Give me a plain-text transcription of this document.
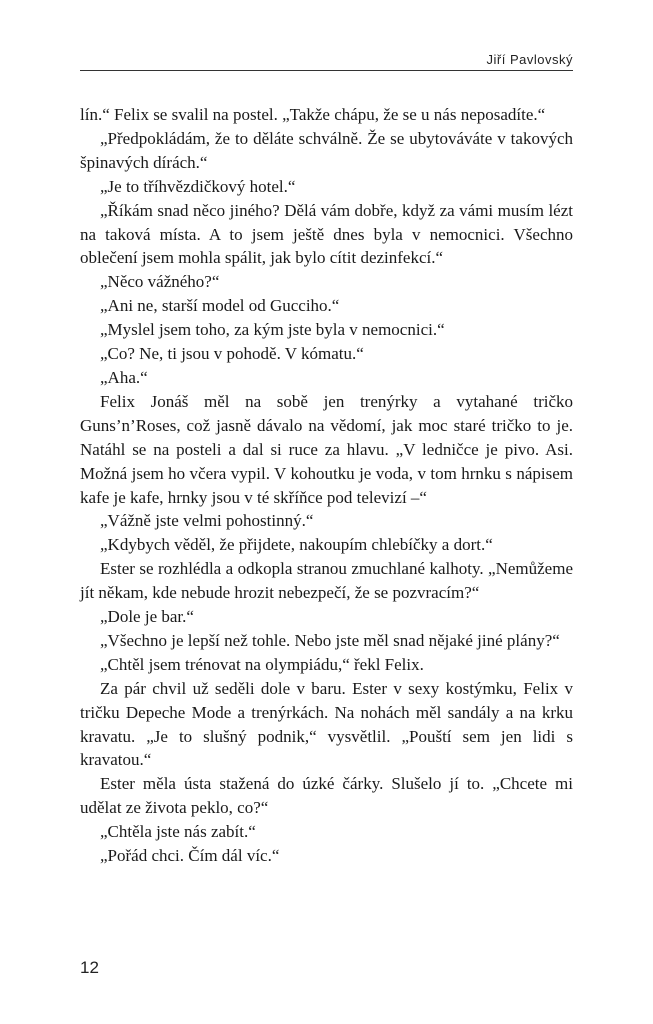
Jiří Pavlovský

lín.“ Felix se svalil na postel. „Takže chápu, že se u nás neposadíte.“

„Předpokládám, že to děláte schválně. Že se ubytováváte v takových špinavých dírách.“

„Je to tříhvězdičkový hotel.“

„Říkám snad něco jiného? Dělá vám dobře, když za vámi musím lézt na taková místa. A to jsem ještě dnes byla v nemocnici. Všechno oblečení jsem mohla spálit, jak bylo cítit dezinfekcí.“

„Něco vážného?“

„Ani ne, starší model od Gucciho.“

„Myslel jsem toho, za kým jste byla v nemocnici.“

„Co? Ne, ti jsou v pohodě. V kómatu.“

„Aha.“

Felix Jonáš měl na sobě jen trenýrky a vytahané tričko Guns’n’Roses, což jasně dávalo na vědomí, jak moc staré tričko to je. Natáhl se na posteli a dal si ruce za hlavu. „V ledničce je pivo. Asi. Možná jsem ho včera vypil. V kohoutku je voda, v tom hrnku s nápisem kafe je kafe, hrnky jsou v té skříňce pod televizí –“

„Vážně jste velmi pohostinný.“

„Kdybych věděl, že přijdete, nakoupím chlebíčky a dort.“

Ester se rozhlédla a odkopla stranou zmuchlané kalhoty. „Nemůžeme jít někam, kde nebude hrozit nebezpečí, že se pozvracím?“

„Dole je bar.“

„Všechno je lepší než tohle. Nebo jste měl snad nějaké jiné plány?“

„Chtěl jsem trénovat na olympiádu,“ řekl Felix.

Za pár chvil už seděli dole v baru. Ester v sexy kostýmku, Felix v tričku Depeche Mode a trenýrkách. Na nohách měl sandály a na krku kravatu. „Je to slušný podnik,“ vysvětlil. „Pouští sem jen lidi s kravatou.“

Ester měla ústa stažená do úzké čárky. Slušelo jí to. „Chcete mi udělat ze života peklo, co?“

„Chtěla jste nás zabít.“

„Pořád chci. Čím dál víc.“

12
